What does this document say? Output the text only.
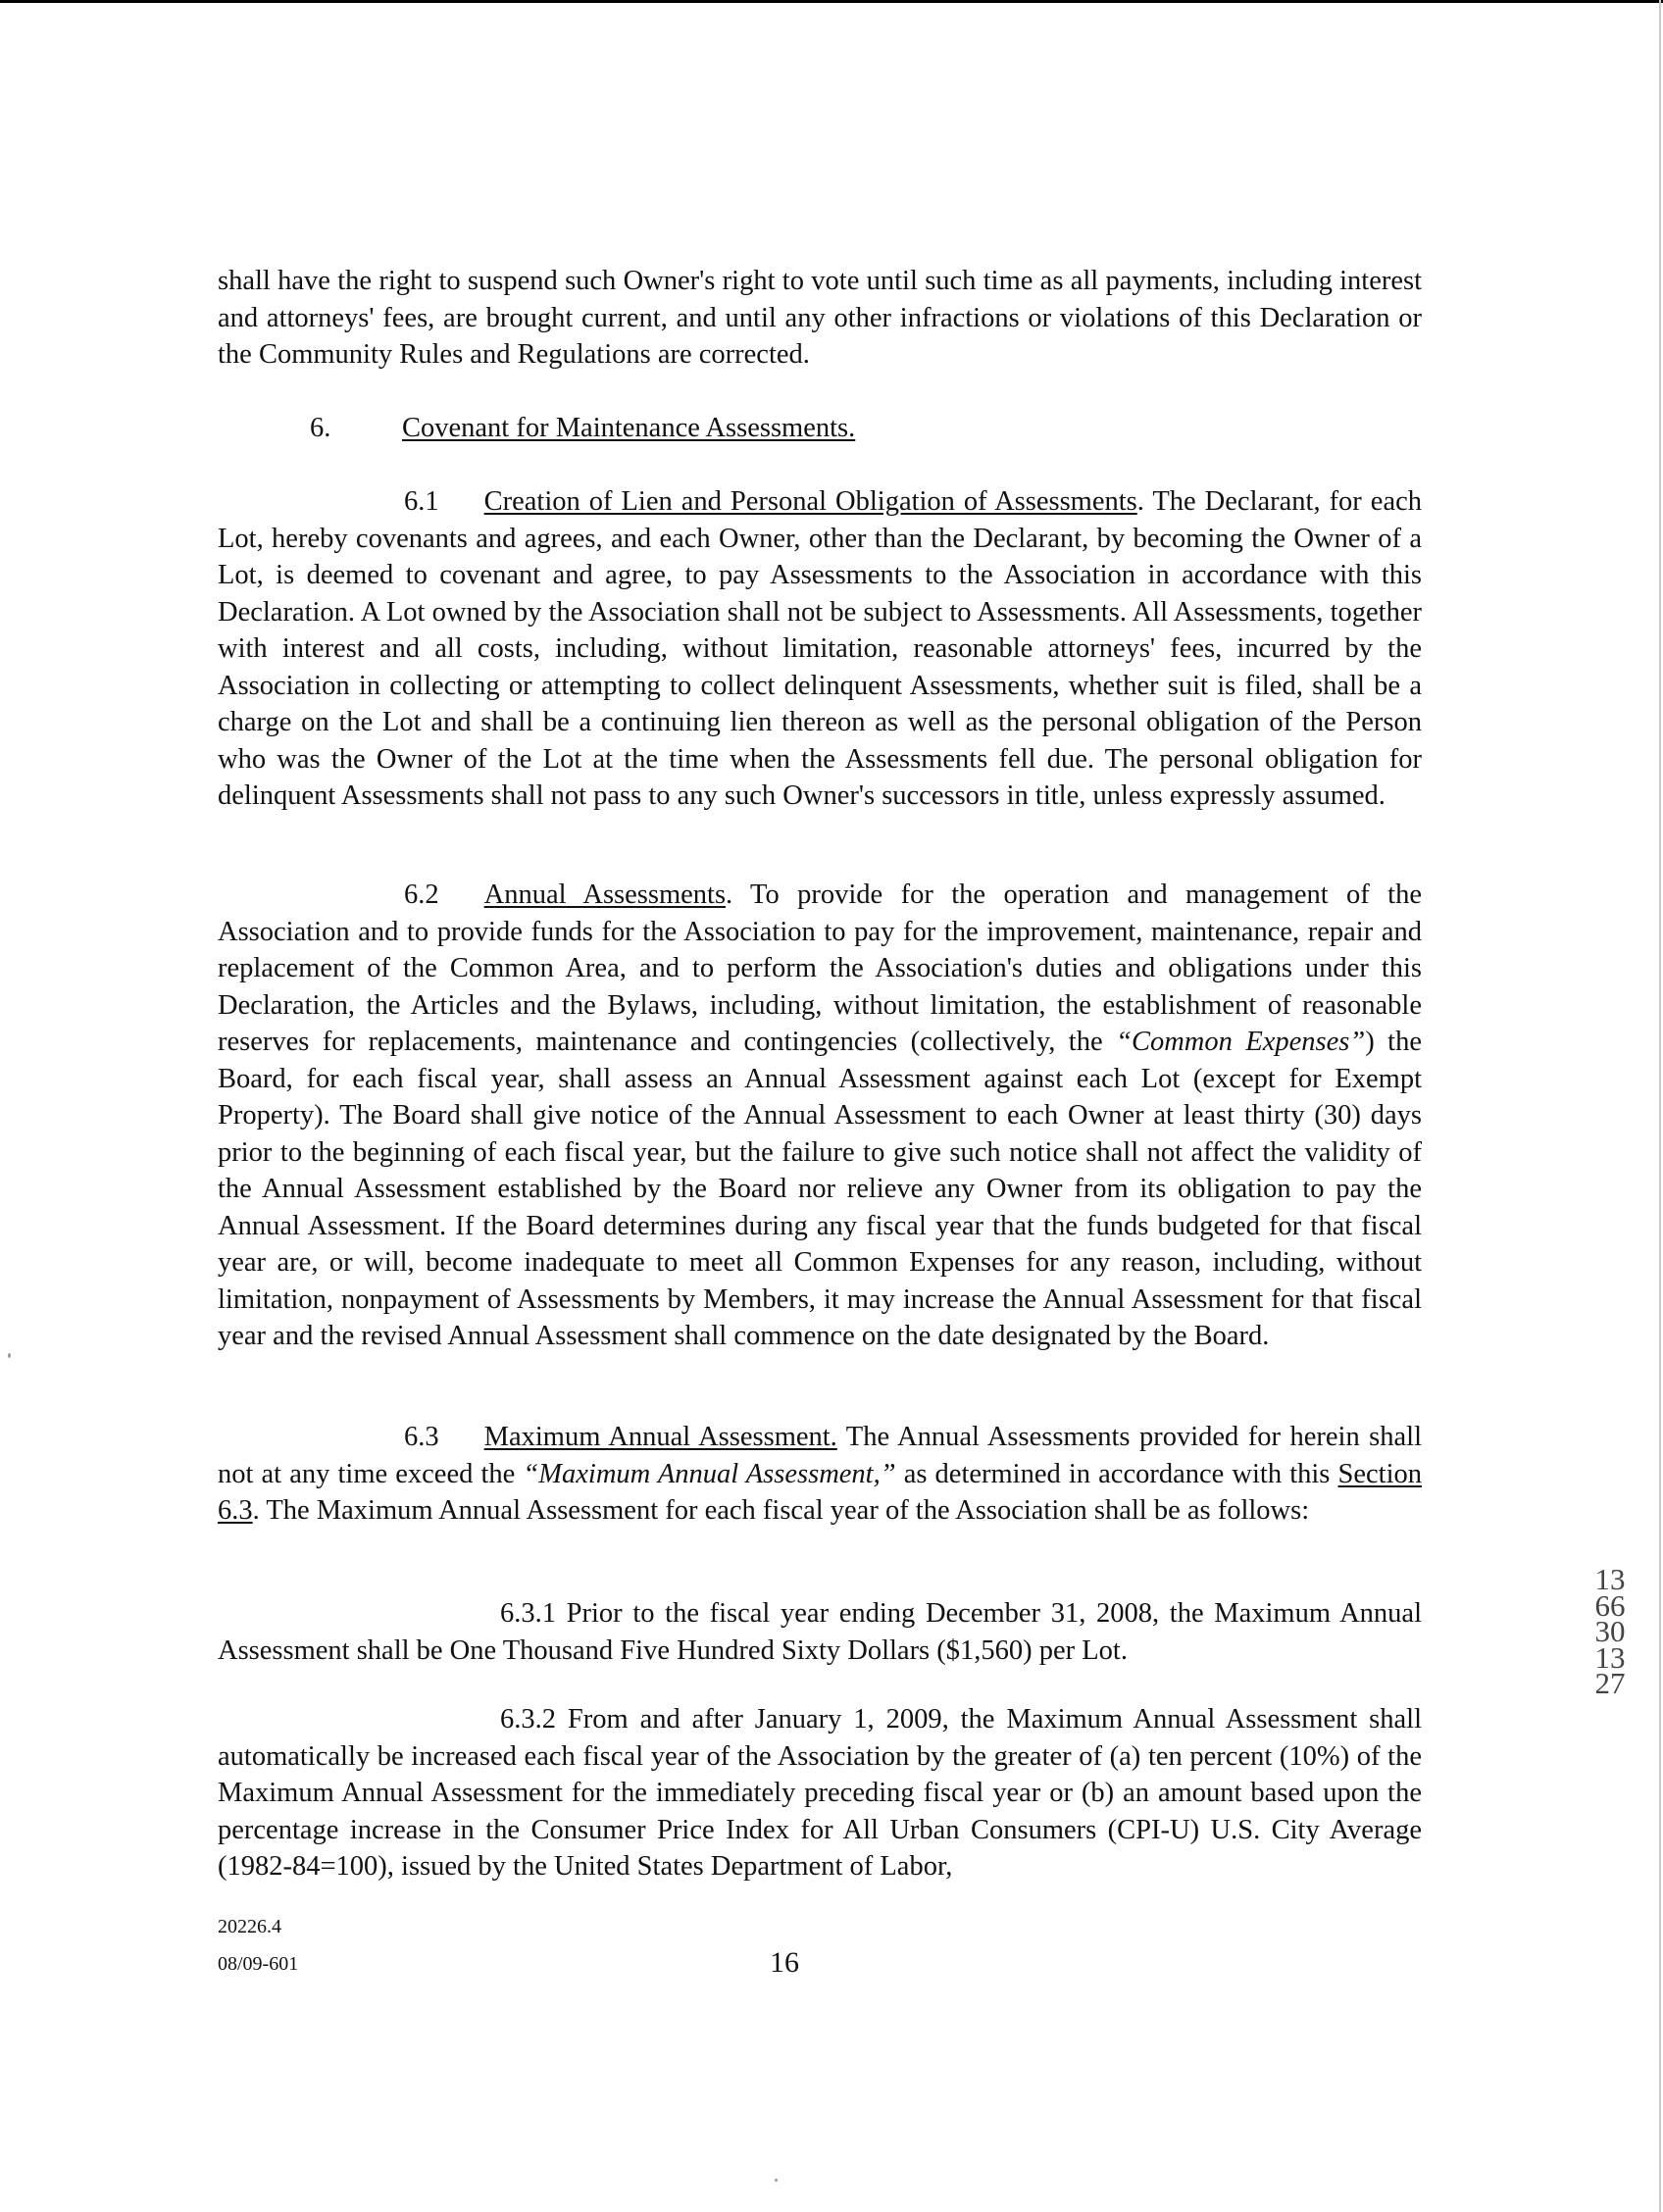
shall have the right to suspend such Owner's right to vote until such time as all payments, including interest and attorneys' fees, are brought current, and until any other infractions or violations of this Declaration or the Community Rules and Regulations are corrected.

6.	Covenant for Maintenance Assessments.

6.1 Creation of Lien and Personal Obligation of Assessments. The Declarant, for each Lot, hereby covenants and agrees, and each Owner, other than the Declarant, by becoming the Owner of a Lot, is deemed to covenant and agree, to pay Assessments to the Association in accordance with this Declaration. A Lot owned by the Association shall not be subject to Assessments. All Assessments, together with interest and all costs, including, without limitation, reasonable attorneys' fees, incurred by the Association in collecting or attempting to collect delinquent Assessments, whether suit is filed, shall be a charge on the Lot and shall be a continuing lien thereon as well as the personal obligation of the Person who was the Owner of the Lot at the time when the Assessments fell due. The personal obligation for delinquent Assessments shall not pass to any such Owner's successors in title, unless expressly assumed.

6.2 Annual Assessments. To provide for the operation and management of the Association and to provide funds for the Association to pay for the improvement, maintenance, repair and replacement of the Common Area, and to perform the Association's duties and obligations under this Declaration, the Articles and the Bylaws, including, without limitation, the establishment of reasonable reserves for replacements, maintenance and contingencies (collectively, the “Common Expenses”) the Board, for each fiscal year, shall assess an Annual Assessment against each Lot (except for Exempt Property). The Board shall give notice of the Annual Assessment to each Owner at least thirty (30) days prior to the beginning of each fiscal year, but the failure to give such notice shall not affect the validity of the Annual Assessment established by the Board nor relieve any Owner from its obligation to pay the Annual Assessment. If the Board determines during any fiscal year that the funds budgeted for that fiscal year are, or will, become inadequate to meet all Common Expenses for any reason, including, without limitation, nonpayment of Assessments by Members, it may increase the Annual Assessment for that fiscal year and the revised Annual Assessment shall commence on the date designated by the Board.

6.3 Maximum Annual Assessment. The Annual Assessments provided for herein shall not at any time exceed the “Maximum Annual Assessment,” as determined in accordance with this Section 6.3. The Maximum Annual Assessment for each fiscal year of the Association shall be as follows:

6.3.1 Prior to the fiscal year ending December 31, 2008, the Maximum Annual Assessment shall be One Thousand Five Hundred Sixty Dollars ($1,560) per Lot.

6.3.2 From and after January 1, 2009, the Maximum Annual Assessment shall automatically be increased each fiscal year of the Association by the greater of (a) ten percent (10%) of the Maximum Annual Assessment for the immediately preceding fiscal year or (b) an amount based upon the percentage increase in the Consumer Price Index for All Urban Consumers (CPI-U) U.S. City Average (1982-84=100), issued by the United States Department of Labor,

20226.4
08/09-601	16
1366301327
